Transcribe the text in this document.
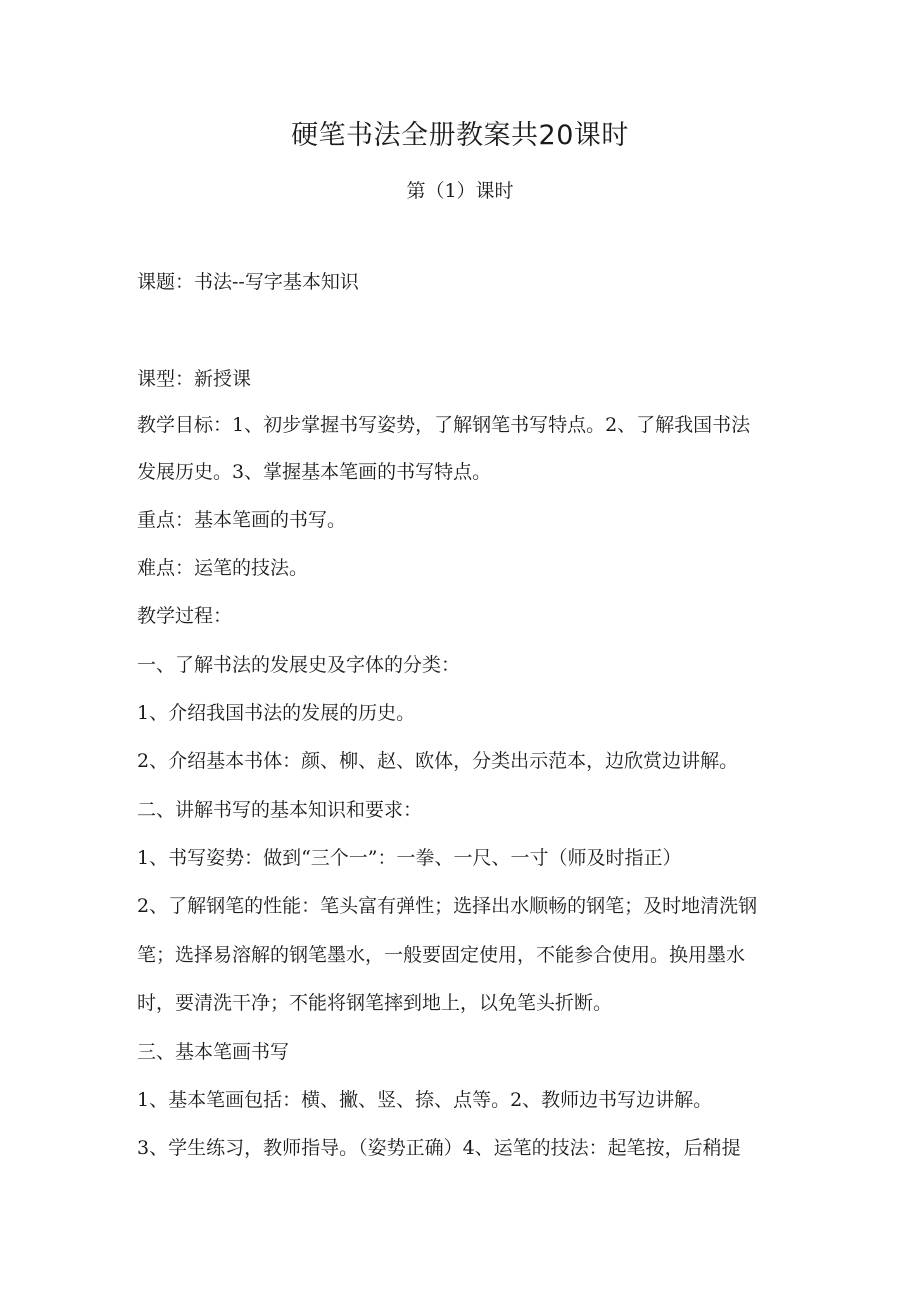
硬笔书法全册教案共20课时
第（1）课时
课题：书法--写字基本知识
课型：新授课
教学目标：1、初步掌握书写姿势，了解钢笔书写特点。2、了解我国书法
发展历史。3、掌握基本笔画的书写特点。
重点：基本笔画的书写。
难点：运笔的技法。
教学过程：
一、了解书法的发展史及字体的分类：
1、介绍我国书法的发展的历史。
2、介绍基本书体：颜、柳、赵、欧体，分类出示范本，边欣赏边讲解。
二、讲解书写的基本知识和要求：
1、书写姿势：做到“三个一”：一拳、一尺、一寸（师及时指正）
2、了解钢笔的性能：笔头富有弹性；选择出水顺畅的钢笔；及时地清洗钢
笔；选择易溶解的钢笔墨水，一般要固定使用，不能参合使用。换用墨水
时，要清洗干净；不能将钢笔摔到地上，以免笔头折断。
三、基本笔画书写
1、基本笔画包括：横、撇、竖、捺、点等。2、教师边书写边讲解。
3、学生练习，教师指导。（姿势正确）4、运笔的技法：起笔按，后稍提
